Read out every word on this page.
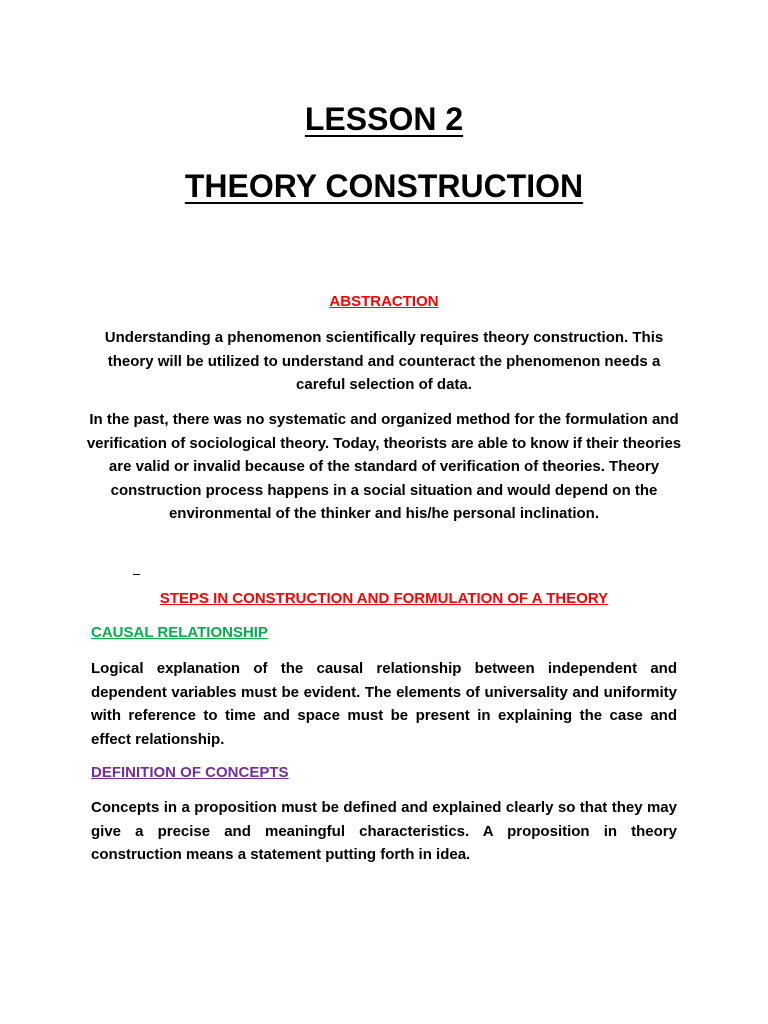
LESSON 2
THEORY CONSTRUCTION
ABSTRACTION

Understanding a phenomenon scientifically requires theory construction. This theory will be utilized to understand and counteract the phenomenon needs a careful selection of data.

In the past, there was no systematic and organized method for the formulation and verification of sociological theory. Today, theorists are able to know if their theories are valid or invalid because of the standard of verification of theories. Theory construction process happens in a social situation and would depend on the environmental of the thinker and his/he personal inclination.

STEPS IN CONSTRUCTION AND FORMULATION OF A THEORY
CAUSAL RELATIONSHIP

Logical explanation of the causal relationship between independent and dependent variables must be evident. The elements of universality and uniformity with reference to time and space must be present in explaining the case and effect relationship.

DEFINITION OF CONCEPTS

Concepts in a proposition must be defined and explained clearly so that they may give a precise and meaningful characteristics. A proposition in theory construction means a statement putting forth in idea.
